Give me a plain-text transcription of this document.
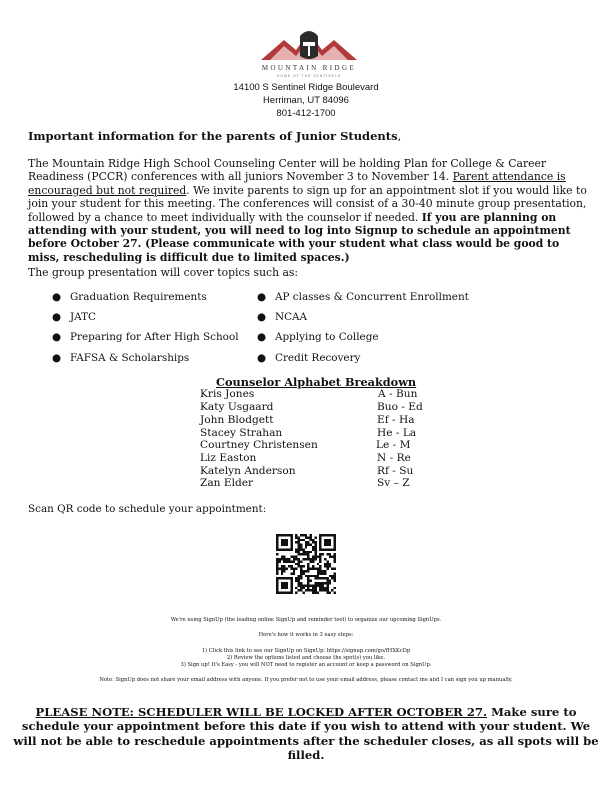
MOUNTAIN RIDGE
HOME OF THE SENTINELS
14100 S Sentinel Ridge Boulevard
Herriman, UT 84096
801-412-1700
Important information for the parents of Junior Students,
The Mountain Ridge High School Counseling Center will be holding Plan for College & Career Readiness (PCCR) conferences with all juniors November 3 to November 14. Parent attendance is encouraged but not required. We invite parents to sign up for an appointment slot if you would like to join your student for this meeting. The conferences will consist of a 30-40 minute group presentation, followed by a chance to meet individually with the counselor if needed. If you are planning on attending with your student, you will need to log into Signup to schedule an appointment before October 27. (Please communicate with your student what class would be good to miss, rescheduling is difficult due to limited spaces.)
The group presentation will cover topics such as:
● Graduation Requirements
● JATC
● Preparing for After High School
● FAFSA & Scholarships
● AP classes & Concurrent Enrollment
● NCAA
● Applying to College
● Credit Recovery
Counselor Alphabet Breakdown
Kris Jones	A - Bun
Katy Usgaard	Buo - Ed
John Blodgett	Ef - Ha
Stacey Strahan	He - La
Courtney Christensen	Le - M
Liz Easton	N - Re
Katelyn Anderson	Rf - Su
Zan Elder	Sv – Z
Scan QR code to schedule your appointment:
We're using SignUp (the leading online SignUp and reminder tool) to organize our upcoming SignUps.
Here's how it works in 3 easy steps:
1) Click this link to see our SignUp on SignUp: https://signup.com/go/fHXKcDp
2) Review the options listed and choose the spot(s) you like.
3) Sign up! It's Easy - you will NOT need to register an account or keep a password on SignUp.
Note: SignUp does not share your email address with anyone. If you prefer not to use your email address, please contact me and I can sign you up manually.
PLEASE NOTE: SCHEDULER WILL BE LOCKED AFTER OCTOBER 27. Make sure to schedule your appointment before this date if you wish to attend with your student. We will not be able to reschedule appointments after the scheduler closes, as all spots will be filled.
